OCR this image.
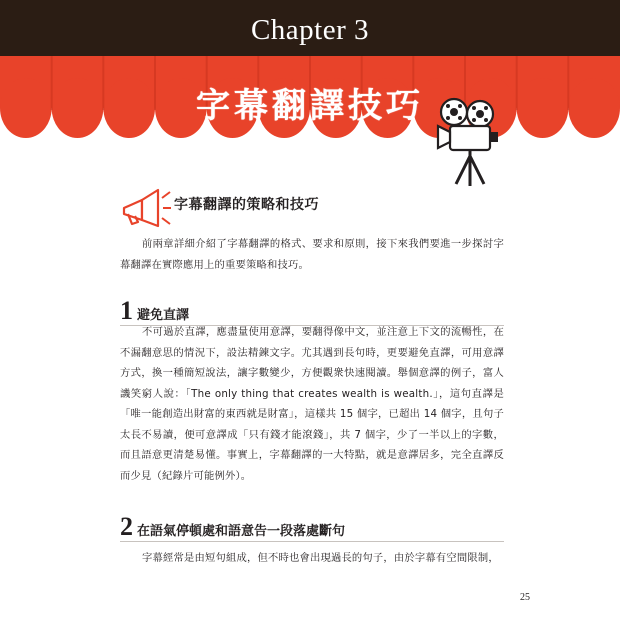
Chapter 3
字幕翻譯技巧
字幕翻譯的策略和技巧

前兩章詳細介紹了字幕翻譯的格式、要求和原則，接下來我們要進一步探討字幕翻譯在實際應用上的重要策略和技巧。

1 避免直譯

不可過於直譯，應盡量使用意譯，要翻得像中文，並注意上下文的流暢性，在不漏翻意思的情況下，設法精鍊文字。尤其遇到長句時，更要避免直譯，可用意譯方式，換一種簡短說法，讓字數變少，方便觀衆快速閱讀。舉個意譯的例子，富人譏笑窮人說：「The only thing that creates wealth is wealth.」，這句直譯是「唯一能創造出財富的東西就是財富」，這樣共 15 個字，已超出 14 個字，且句子太長不易讀，便可意譯成「只有錢才能滾錢」，共 7 個字，少了一半以上的字數，而且語意更清楚易懂。事實上，字幕翻譯的一大特點，就是意譯居多，完全直譯反而少見（紀錄片可能例外）。

2 在語氣停頓處和語意告一段落處斷句

字幕經常是由短句組成，但不時也會出現過長的句子，由於字幕有空間限制，

25
